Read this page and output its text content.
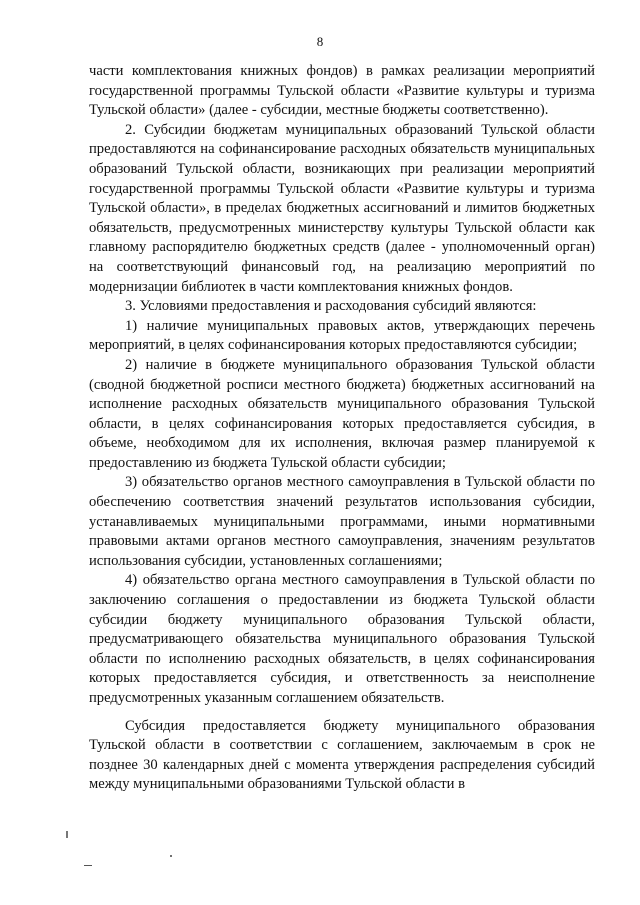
8

части комплектования книжных фондов) в рамках реализации мероприятий государственной программы Тульской области «Развитие культуры и туризма Тульской области» (далее - субсидии, местные бюджеты соответственно).

2. Субсидии бюджетам муниципальных образований Тульской области предоставляются на софинансирование расходных обязательств муниципальных образований Тульской области, возникающих при реализации мероприятий государственной программы Тульской области «Развитие культуры и туризма Тульской области», в пределах бюджетных ассигнований и лимитов бюджетных обязательств, предусмотренных министерству культуры Тульской области как главному распорядителю бюджетных средств (далее - уполномоченный орган) на соответствующий финансовый год, на реализацию мероприятий по модернизации библиотек в части комплектования книжных фондов.

3. Условиями предоставления и расходования субсидий являются:

1) наличие муниципальных правовых актов, утверждающих перечень мероприятий, в целях софинансирования которых предоставляются субсидии;

2) наличие в бюджете муниципального образования Тульской области (сводной бюджетной росписи местного бюджета) бюджетных ассигнований на исполнение расходных обязательств муниципального образования Тульской области, в целях софинансирования которых предоставляется субсидия, в объеме, необходимом для их исполнения, включая размер планируемой к предоставлению из бюджета Тульской области субсидии;

3) обязательство органов местного самоуправления в Тульской области по обеспечению соответствия значений результатов использования субсидии, устанавливаемых муниципальными программами, иными нормативными правовыми актами органов местного самоуправления, значениям результатов использования субсидии, установленных соглашениями;

4) обязательство органа местного самоуправления в Тульской области по заключению соглашения о предоставлении из бюджета Тульской области субсидии бюджету муниципального образования Тульской области, предусматривающего обязательства муниципального образования Тульской области по исполнению расходных обязательств, в целях софинансирования которых предоставляется субсидия, и ответственность за неисполнение предусмотренных указанным соглашением обязательств.

Субсидия предоставляется бюджету муниципального образования Тульской области в соответствии с соглашением, заключаемым в срок не позднее 30 календарных дней с момента утверждения распределения субсидий между муниципальными образованиями Тульской области в
